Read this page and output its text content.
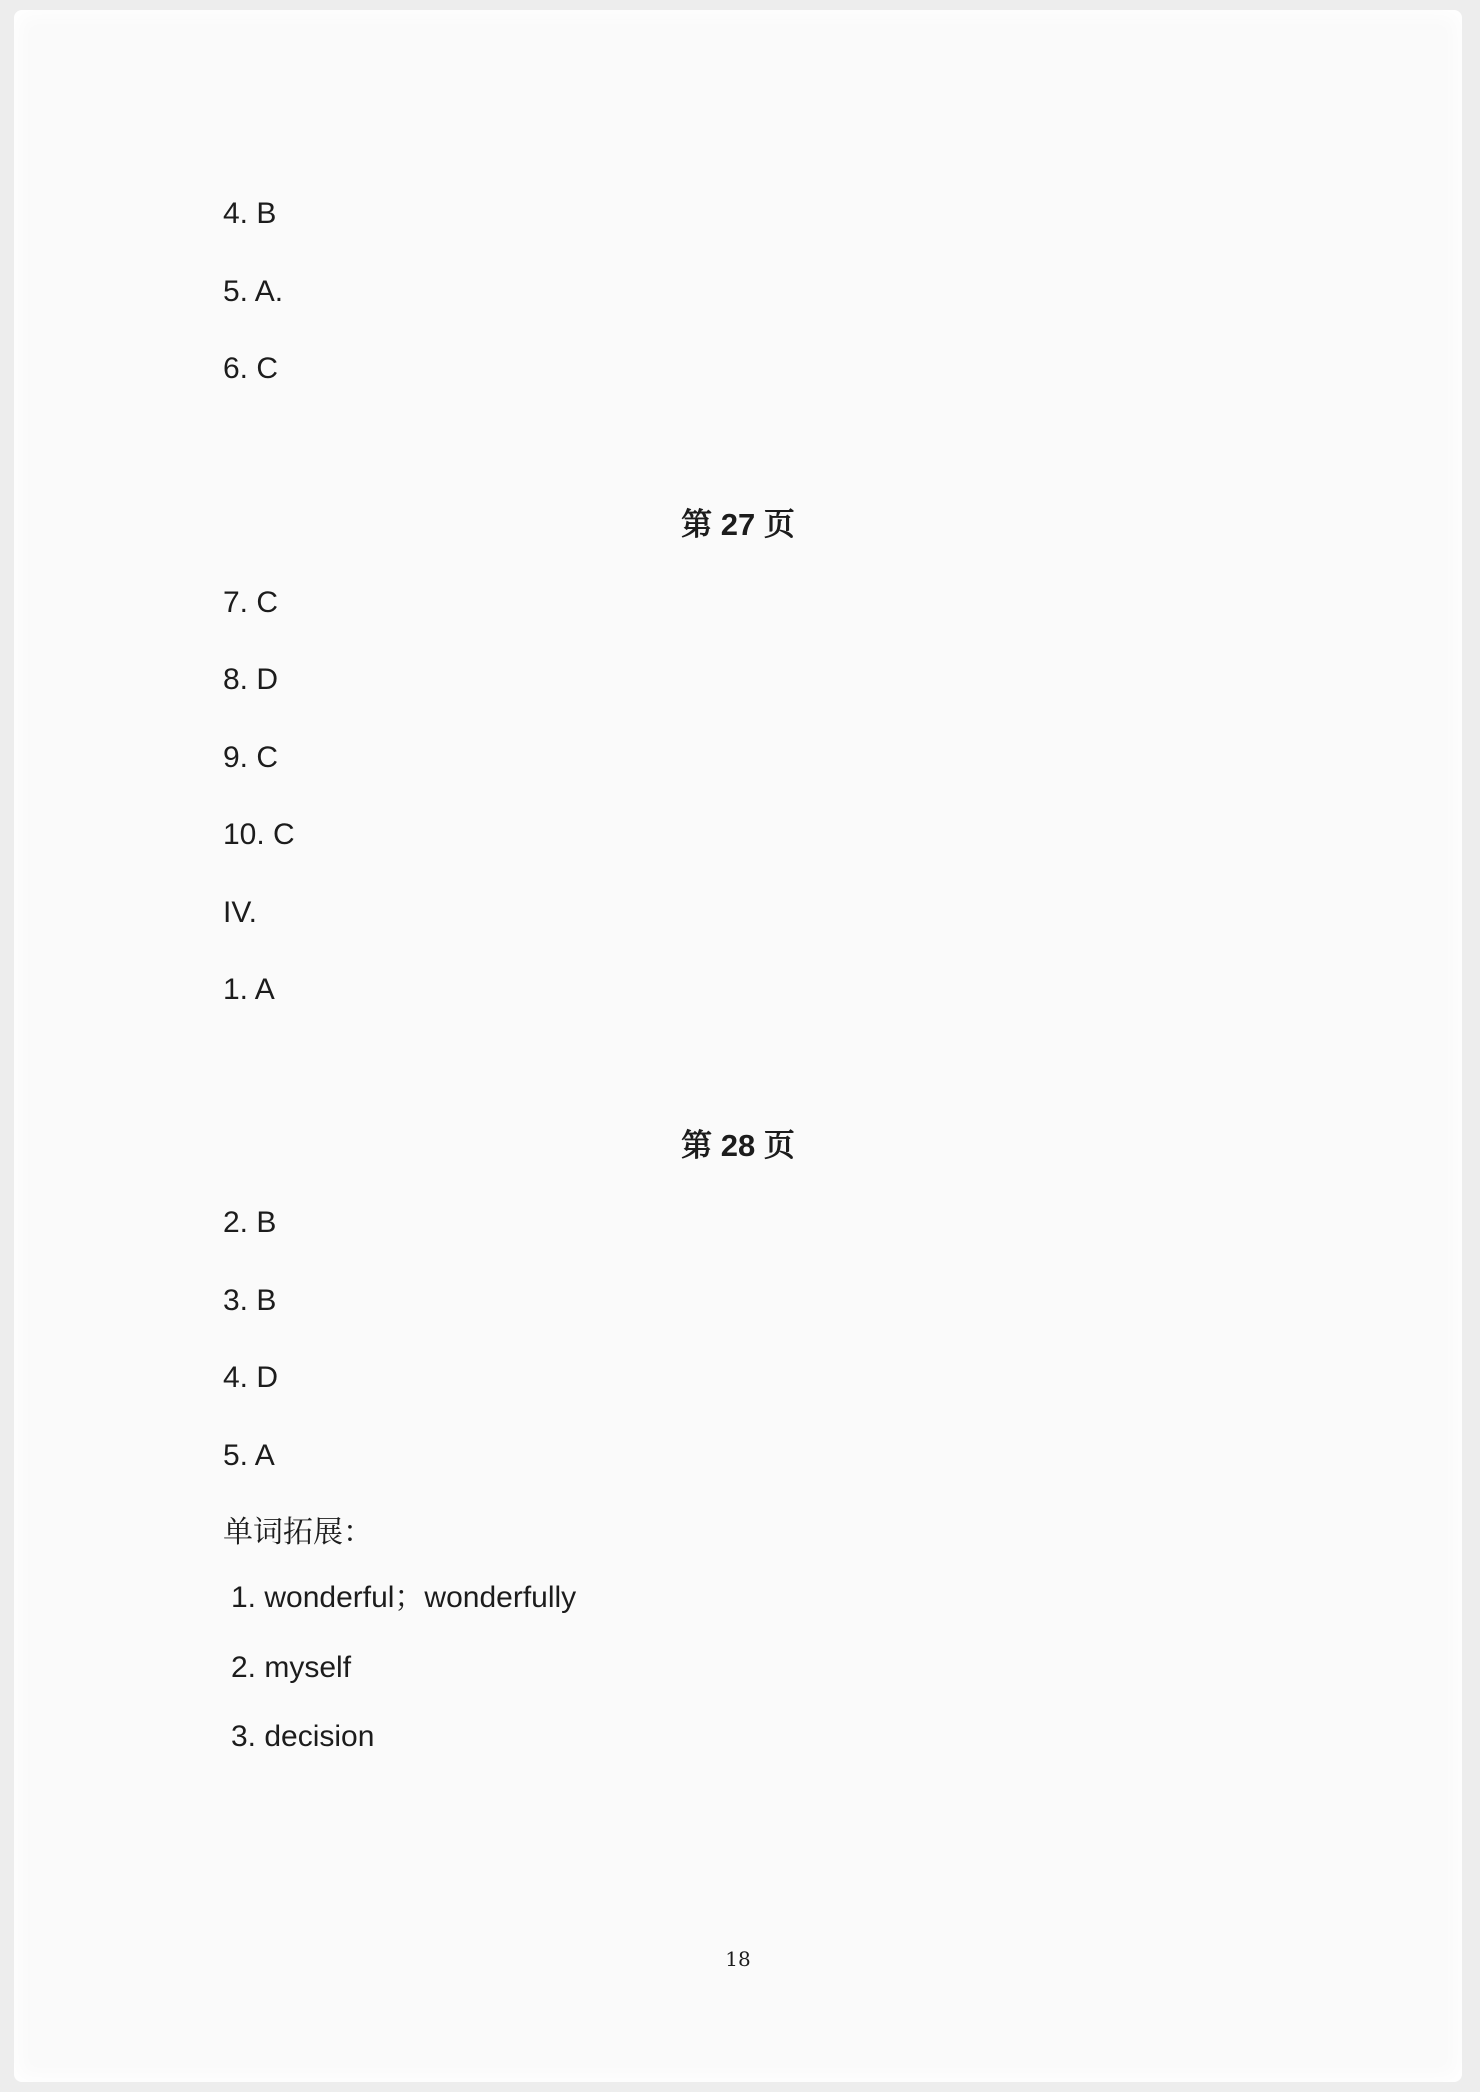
4. B
5. A.
6. C
第 27 页
7. C
8. D
9. C
10. C
IV.
1. A
第 28 页
2. B
3. B
4. D
5. A
单词拓展：
1. wonderful；wonderfully
2. myself
3. decision
18
